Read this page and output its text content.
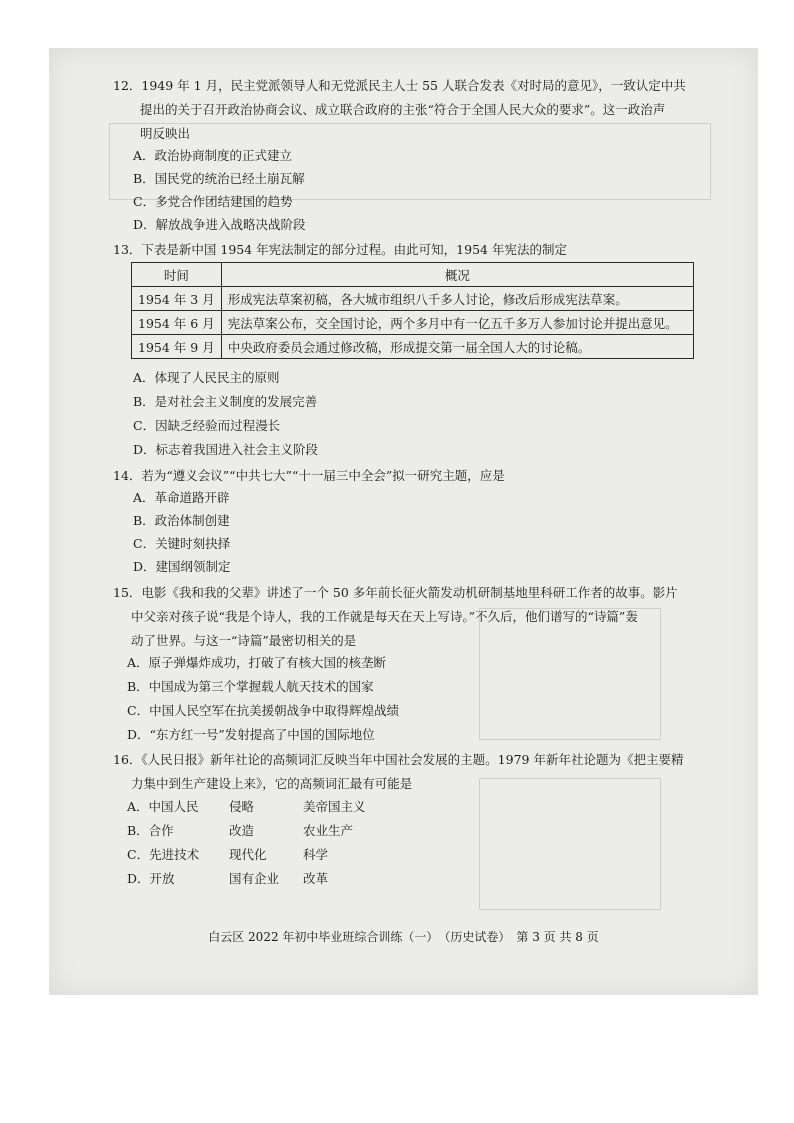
12．1949 年 1 月，民主党派领导人和无党派民主人士 55 人联合发表《对时局的意见》，一致认定中共
提出的关于召开政治协商会议、成立联合政府的主张“符合于全国人民大众的要求”。这一政治声
明反映出
A．政治协商制度的正式建立
B．国民党的统治已经土崩瓦解
C．多党合作团结建国的趋势
D．解放战争进入战略决战阶段
13．下表是新中国 1954 年宪法制定的部分过程。由此可知，1954 年宪法的制定
时间	概况
1954 年 3 月	形成宪法草案初稿，各大城市组织八千多人讨论，修改后形成宪法草案。
1954 年 6 月	宪法草案公布，交全国讨论，两个多月中有一亿五千多万人参加讨论并提出意见。
1954 年 9 月	中央政府委员会通过修改稿，形成提交第一届全国人大的讨论稿。
A．体现了人民民主的原则
B．是对社会主义制度的发展完善
C．因缺乏经验而过程漫长
D．标志着我国进入社会主义阶段
14．若为“遵义会议”“中共七大”“十一届三中全会”拟一研究主题，应是
A．革命道路开辟
B．政治体制创建
C．关键时刻抉择
D．建国纲领制定
15．电影《我和我的父辈》讲述了一个 50 多年前长征火箭发动机研制基地里科研工作者的故事。影片
中父亲对孩子说“我是个诗人，我的工作就是每天在天上写诗。”不久后，他们谱写的“诗篇”轰
动了世界。与这一“诗篇”最密切相关的是
A．原子弹爆炸成功，打破了有核大国的核垄断
B．中国成为第三个掌握载人航天技术的国家
C．中国人民空军在抗美援朝战争中取得辉煌战绩
D．“东方红一号”发射提高了中国的国际地位
16．《人民日报》新年社论的高频词汇反映当年中国社会发展的主题。1979 年新年社论题为《把主要精
力集中到生产建设上来》，它的高频词汇最有可能是
A．中国人民 侵略	美帝国主义
B．合作	改造	农业生产
C．先进技术 现代化	科学
D．开放	国有企业 改革
白云区 2022 年初中毕业班综合训练（一）　（历史试卷）　第 3 页 共 8 页
